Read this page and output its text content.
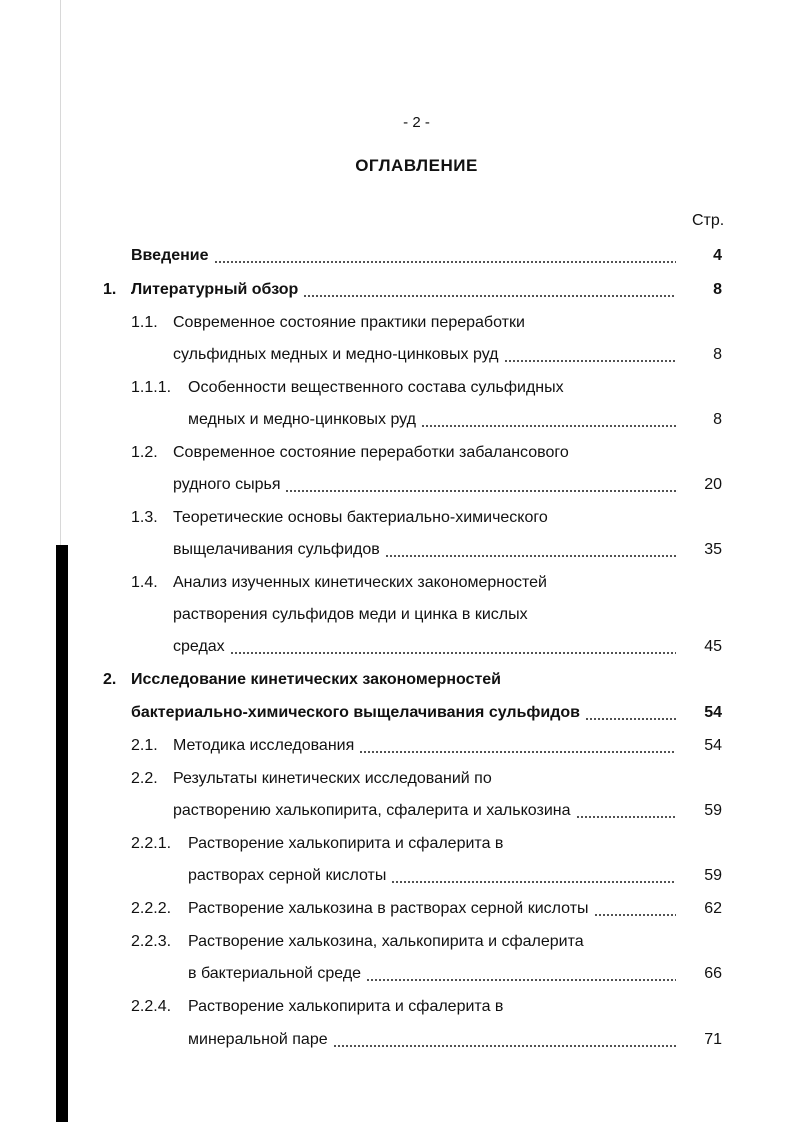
- 2 -
ОГЛАВЛЕНИЕ
Стр.
Введение	4
1. Литературный обзор	8
1.1. Современное состояние практики переработки
сульфидных медных и медно-цинковых руд	8
1.1.1. Особенности вещественного состава сульфидных
медных и медно-цинковых руд	8
1.2. Современное состояние переработки забалансового
рудного сырья	20
1.3. Теоретические основы бактериально-химического
выщелачивания сульфидов	35
1.4. Анализ изученных кинетических закономерностей
растворения сульфидов меди и цинка в кислых
средах	45
2. Исследование кинетических закономерностей
бактериально-химического выщелачивания сульфидов	54
2.1. Методика исследования	54
2.2. Результаты кинетических исследований по
растворению халькопирита, сфалерита и халькозина	59
2.2.1. Растворение халькопирита и сфалерита в
растворах серной кислоты	59
2.2.2. Растворение халькозина в растворах серной кислоты	62
2.2.3. Растворение халькозина, халькопирита и сфалерита
в бактериальной среде	66
2.2.4. Растворение халькопирита и сфалерита в
минеральной паре	71
